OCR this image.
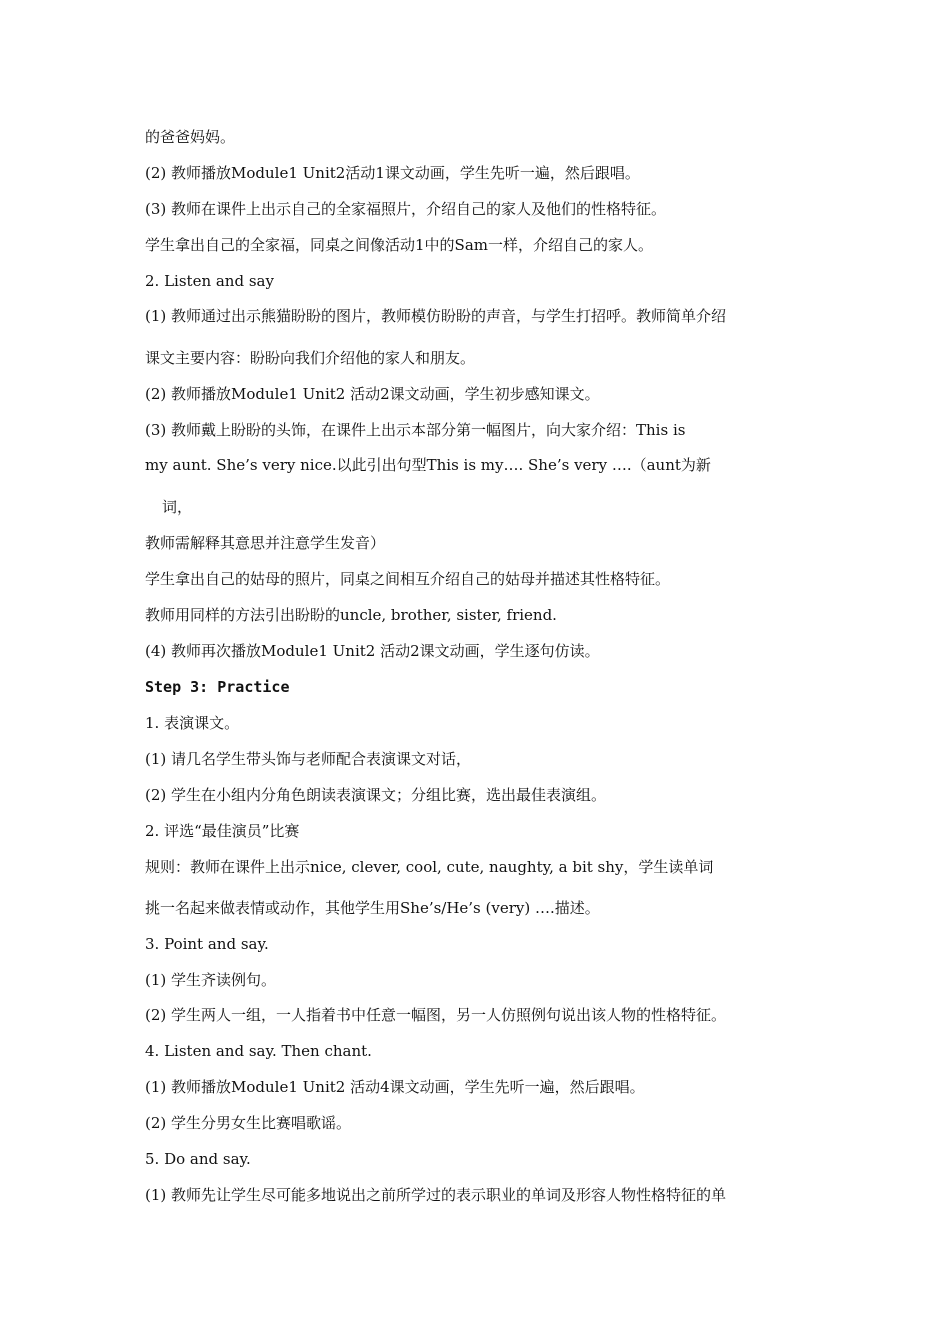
的爸爸妈妈。
(2) 教师播放Module1 Unit2活动1课文动画，学生先听一遍，然后跟唱。
(3) 教师在课件上出示自己的全家福照片，介绍自己的家人及他们的性格特征。
学生拿出自己的全家福，同桌之间像活动1中的Sam一样，介绍自己的家人。
2. Listen and say
(1) 教师通过出示熊猫盼盼的图片，教师模仿盼盼的声音，与学生打招呼。教师简单介绍
课文主要内容：盼盼向我们介绍他的家人和朋友。
(2) 教师播放Module1 Unit2 活动2课文动画，学生初步感知课文。
(3) 教师戴上盼盼的头饰，在课件上出示本部分第一幅图片，向大家介绍：This is
my aunt. She’s very nice.以此引出句型This is my…. She’s very ….（aunt为新
词，
教师需解释其意思并注意学生发音）
学生拿出自己的姑母的照片，同桌之间相互介绍自己的姑母并描述其性格特征。
教师用同样的方法引出盼盼的uncle, brother, sister, friend.
(4) 教师再次播放Module1 Unit2 活动2课文动画，学生逐句仿读。
Step 3: Practice
1. 表演课文。
(1) 请几名学生带头饰与老师配合表演课文对话，
(2) 学生在小组内分角色朗读表演课文；分组比赛，选出最佳表演组。
2. 评选“最佳演员”比赛
规则：教师在课件上出示nice, clever, cool, cute, naughty, a bit shy，学生读单词
挑一名起来做表情或动作，其他学生用She’s/He’s (very) ….描述。
3. Point and say.
(1) 学生齐读例句。
(2) 学生两人一组，一人指着书中任意一幅图，另一人仿照例句说出该人物的性格特征。
4. Listen and say. Then chant.
(1) 教师播放Module1 Unit2 活动4课文动画，学生先听一遍，然后跟唱。
(2) 学生分男女生比赛唱歌谣。
5. Do and say.
(1) 教师先让学生尽可能多地说出之前所学过的表示职业的单词及形容人物性格特征的单
